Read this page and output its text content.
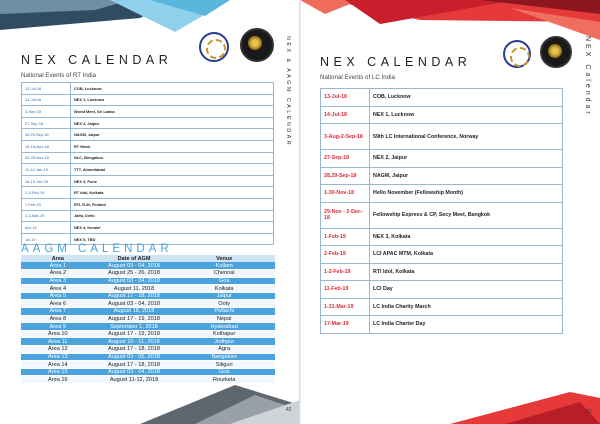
NEX & AAGM CALENDAR
NEX CALENDAR
National Events of RT India
13-Jul-18	COB, Lucknow
14-Jul-18	NEX 1, Lucknow
3-Sep-18	World Meet, Sri Lanka
27-Sep-18	NEX 2, Jaipur
28,29-Sep-18	NAGM, Jaipur
10-18-Nov-18	RT Week
24-25-Nov-18	NLC, Bengaluru
11-12-Jan-19	TTT, Ahmedabad
18-19-Jan-19	NEX 3, Pune
1-3-Feb-19	RT Idol, Kolkata
7-Feb-19	RTI-YLM, Finland
1-3-Mar-19	Jalfa, Delhi
Apr-19	NEX 4, Kerala*
Jul-19	NEX 5, TBD
AAGM CALENDAR
Area	Date of AGM	Venue
Area 1	August 03 - 04, 2018	Kollam
Area 2	August 25 - 26, 2018	Chennai
Area 3	August 03 - 04, 2018	Goa
Area 4	August 11, 2018	Kolkata
Area 5	August 17 - 18, 2018	Jaipur
Area 6	August 03 - 04, 2018	Ooty
Area 7	August 18, 2018	Pollachi
Area 8	August 17 - 19, 2018	Nepal
Area 9	September 1, 2018	Hyderabad
Area 10	August 17 - 19, 2018	Kolhapur
Area 11	August 10 - 11, 2018	Jodhpur
Area 12	August 17 - 18, 2018	Agra
Area 13	August 03 - 05, 2018	Bangalore
Area 14	August 17 - 18, 2018	Siliguri
Area 15	August 03 - 04, 2018	Goa
Area 16	August 11-12, 2018	Rourkela
42
NEX Calendar
NEX CALENDAR
National Events of LC India
43
13-Jul-18	COB, Lucknow
14-Jul-18	NEX 1, Lucknow
3-Aug-2-Sep-18	59th LC International Conference, Norway
27-Sep-18	NEX 2, Jaipur
28,29-Sep-18	NAGM, Jaipur
1-30-Nov-18	Hello November (Fellowship Month)
29-Nov - 2-Dec-18	Fellowship Express & CP, Secy Meet, Bangkok
1-Feb-19	NEX 3, Kolkata
2-Feb-19	LCI APAC MTM, Kolkata
1-2-Feb-19	RTI Idol, Kolkata
11-Feb-19	LCI Day
1-31-Mar-19	LC India Charity March
17-Mar-19	LC India Charter Day
